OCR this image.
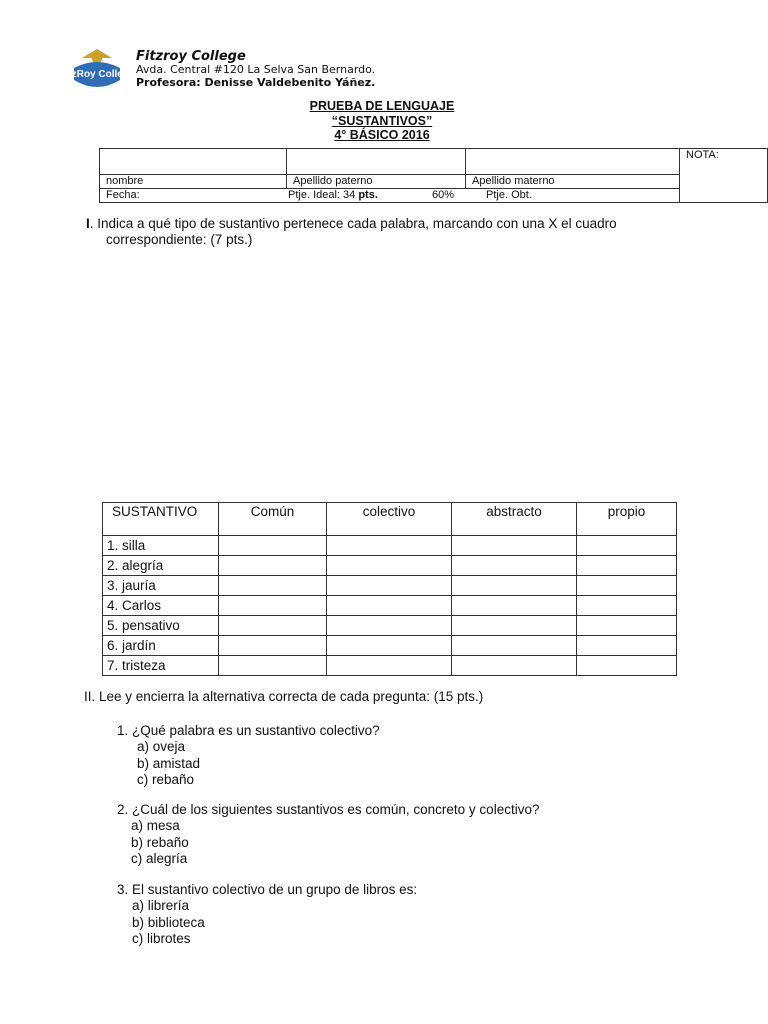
FitzRoy College
Fitzroy College
Avda. Central #120 La Selva San Bernardo.
Profesora: Denisse Valdebenito Yáñez.
PRUEBA DE LENGUAJE
“SUSTANTIVOS”
4° BÁSICO 2016
			NOTA:
nombre	Apellido paterno	Apellido materno	
Fecha: Ptje. Ideal: 34 pts. 60% Ptje. Obt.			
I. Indica a qué tipo de sustantivo pertenece cada palabra, marcando con una X el cuadro
correspondiente: (7 pts.)
SUSTANTIVO	Común	colectivo	abstracto	propio
1. silla				
2. alegría				
3. jauría				
4. Carlos				
5. pensativo				
6. jardín				
7. tristeza				
II. Lee y encierra la alternativa correcta de cada pregunta: (15 pts.)
1. ¿Qué palabra es un sustantivo colectivo?
a) oveja
b) amistad
c) rebaño
2. ¿Cuál de los siguientes sustantivos es común, concreto y colectivo?
a) mesa
b) rebaño
c) alegría
3. El sustantivo colectivo de un grupo de libros es:
a) librería
b) biblioteca
c) librotes
